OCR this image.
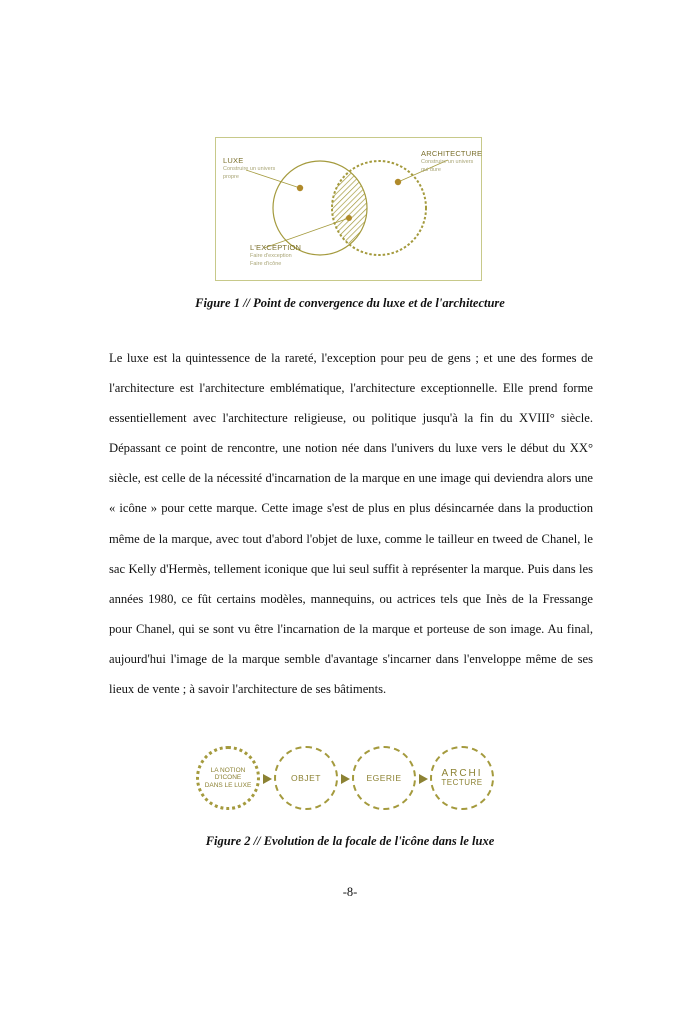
LUXE
Construire un univers
propre
ARCHITECTURE
Construire un univers
qui dure
L'EXCEPTION
Faire d'exception
Faire d'icône
Figure 1 // Point de convergence du luxe et de l'architecture

Le luxe est la quintessence de la rareté, l'exception pour peu de gens ; et une des formes de l'architecture est l'architecture emblématique, l'architecture exceptionnelle. Elle prend forme essentiellement avec l'architecture religieuse, ou politique jusqu'à la fin du XVIII° siècle. Dépassant ce point de rencontre, une notion née dans l'univers du luxe vers le début du XX° siècle, est celle de la nécessité d'incarnation de la marque en une image qui deviendra alors une « icône » pour cette marque. Cette image s'est de plus en plus désincarnée dans la production même de la marque, avec tout d'abord l'objet de luxe, comme le tailleur en tweed de Chanel, le sac Kelly d'Hermès, tellement iconique que lui seul suffit à représenter la marque. Puis dans les années 1980, ce fût certains modèles, mannequins, ou actrices tels que Inès de la Fressange pour Chanel, qui se sont vu être l'incarnation de la marque et porteuse de son image. Au final, aujourd'hui l'image de la marque semble d'avantage s'incarner dans l'enveloppe même de ses lieux de vente ; à savoir l'architecture de ses bâtiments.

LA NOTION
D'ICONE
DANS LE LUXE
OBJET	EGERIE	ARCHI
TECTURE
Figure 2 // Evolution de la focale de l'icône dans le luxe
-8-
